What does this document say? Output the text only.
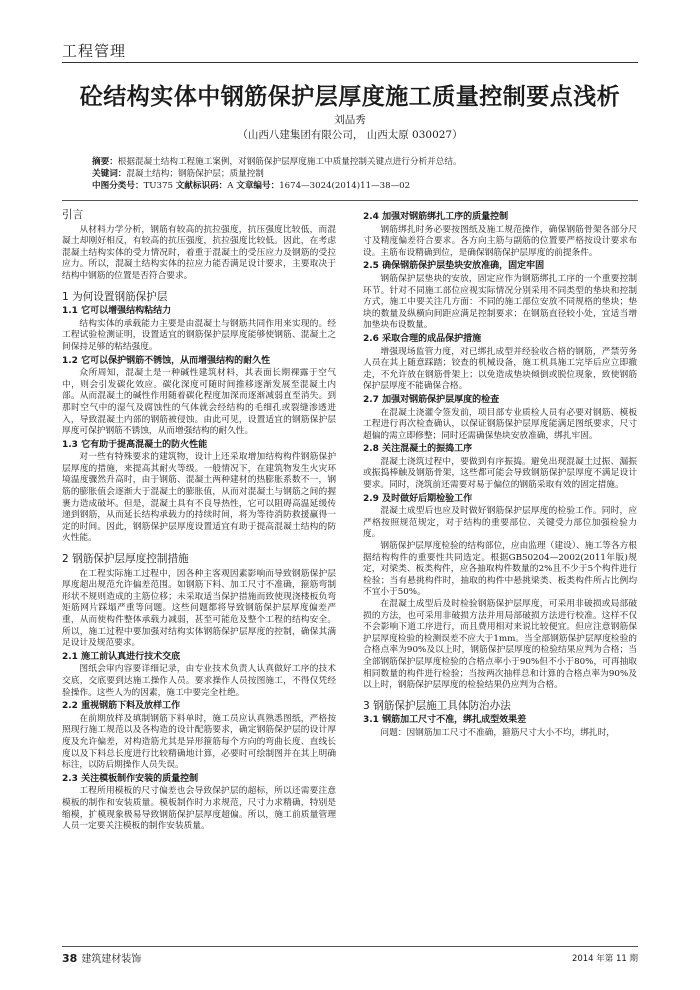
工程管理
砼结构实体中钢筋保护层厚度施工质量控制要点浅析
刘品秀
（山西八建集团有限公司， 山西太原 030027）
摘要：根据混凝土结构工程施工案例，对钢筋保护层厚度施工中质量控制关键点进行分析并总结。
关键词：混凝土结构；钢筋保护层；质量控制
中图分类号：TU375 文献标识码：A 文章编号：1674—3024(2014)11—38—02
引言

从材料力学分析，钢筋有较高的抗拉强度，抗压强度比较低，而混凝土却刚好相反，有较高的抗压强度，抗拉强度比较低。因此，在考虑混凝土结构实体的受力情况时，着重于混凝土的受压应力及钢筋的受拉应力。所以，混凝土结构实体的拉应力能否满足设计要求，主要取决于结构中钢筋的位置是否符合要求。

1 为何设置钢筋保护层
1.1 它可以增强结构粘结力

结构实体的承载能力主要是由混凝土与钢筋共同作用来实现的。经工程试验检测证明，设置适宜的钢筋保护层厚度能够使钢筋、混凝土之间保持足够的粘结强度。

1.2 它可以保护钢筋不锈蚀，从而增强结构的耐久性

众所周知，混凝土是一种碱性建筑材料，其表面长期裸露于空气中，则会引发碳化效应。碳化深度可随时间推移逐渐发展至混凝土内部。从而混凝土的碱性作用随着碳化程度加深而逐渐减弱直至消失。到那时空气中的湿气及腐蚀性的气体就会经结构的毛细孔或裂缝渗透进入，导致混凝土内部的钢筋被侵蚀。由此可见，设置适宜的钢筋保护层厚度可保护钢筋不锈蚀，从而增强结构的耐久性。

1.3 它有助于提高混凝土的防火性能

对一些有特殊要求的建筑物，设计上还采取增加结构构件钢筋保护层厚度的措施，来提高其耐火等级。一般情况下，在建筑物发生火灾环境温度骤然升高时，由于钢筋、混凝土两种建材的热膨胀系数不一，钢筋的膨胀值会逐渐大于混凝土的膨胀值，从而对混凝土与钢筋之间的握裹力造成破坏。但是，混凝土具有不良导热性，它可以阻碍高温延缓传递到钢筋，从而延长结构承载力的持续时间，将为等待消防救援赢得一定的时间。因此，钢筋保护层厚度设置适宜有助于提高混凝土结构的防火性能。

2 钢筋保护层厚度控制措施

在工程实际施工过程中，因各种主客观因素影响而导致钢筋保护层厚度超出规范允许偏差范围。如钢筋下料、加工尺寸不准确，箍筋弯制形状不规则造成的主筋位移；未采取适当保护措施而致使现浇楼板负弯矩筋网片踩塌严重等问题。这些问题都将导致钢筋保护层厚度偏差严重，从而使构件整体承载力减弱，甚至可能危及整个工程的结构安全。所以，施工过程中要加强对结构实体钢筋保护层厚度的控制，确保其满足设计及规范要求。

2.1 施工前认真进行技术交底

图纸会审内容要详细记录，由专业技术负责人认真做好工序的技术交底，交底要到达施工操作人员。要求操作人员按图施工，不得仅凭经验操作。这些人为的因素，施工中要完全杜绝。

2.2 重视钢筋下料及放样工作

在前期放样及填制钢筋下料单时，施工员应认真熟悉图纸，严格按照现行施工规范以及各构造的设计配筋要求，确定钢筋保护层的设计厚度及允许偏差，对构造筋尤其是异形箍筋每个方向的弯曲长度、直线长度以及下料总长度进行比较精确地计算，必要时可绘制图并在其上明确标注，以防后期操作人员失误。

2.3 关注模板制作安装的质量控制

工程所用模板的尺寸偏差也会导致保护层的超标，所以还需要注意模板的制作和安装质量。模板制作时力求规范，尺寸力求精确，特别是缩模，扩模现象极易导致钢筋保护层厚度超偏。所以，施工前质量管理人员一定要关注模板的制作安装质量。

2.4 加强对钢筋绑扎工序的质量控制

钢筋绑扎时务必要按图纸及施工规范操作，确保钢筋骨架各部分尺寸及精度偏差符合要求。各方向主筋与副筋的位置要严格按设计要求布设。主筋布设精确到位，是确保钢筋保护层厚度的前提条件。

2.5 确保钢筋保护层垫块安放准确，固定牢固

钢筋保护层垫块的安放，固定应作为钢筋绑扎工序的一个重要控制环节。针对不同施工部位应视实际情况分别采用不同类型的垫块和控制方式，施工中要关注几方面：不同的施工部位安放不同规格的垫块；垫块的数量及纵横向间距应满足控制要求；在钢筋直径较小处，宜适当增加垫块布设数量。

2.6 采取合理的成品保护措施

增强现场监管力度，对已绑扎成型并经验收合格的钢筋，严禁劳务人员在其上随意踩踏；铰查的机械设备，施工机具施工完毕后应立即撤走，不允许放在钢筋骨架上；以免造成垫块倾倒或脱位现象，致使钢筋保护层厚度不能确保合格。

2.7 加强对钢筋保护层厚度的检查

在混凝土浇灌令签发前，项目部专业质检人员有必要对钢筋、模板工程进行再次检查确认，以保证钢筋保护层厚度能满足图纸要求，尺寸超偏的需立即修整；同时还需确保垫块安放准确，绑扎牢固。

2.8 关注混凝土的振捣工序

混凝土浇筑过程中，要做到有序振捣。避免出现混凝土过振、漏振或振捣棒触及钢筋骨架，这些都可能会导致钢筋保护层厚度不满足设计要求。同时，浇筑前还需要对易于偏位的钢筋采取有效的固定措施。

2.9 及时做好后期检验工作

混凝土成型后也应及时做好钢筋保护层厚度的检验工作。同时，应严格按照规范规定，对于结构的重要部位、关键受力部位加强检验力度。

钢筋保护层厚度检验的结构部位，应由监理（建设）、施工等各方根据结构构件的重要性共同选定。根据GB50204—2002(2011年版)规定，对梁类、板类构件，应各抽取构件数量的2%且不少于5个构件进行检验；当有悬挑构件时，抽取的构件中悬挑梁类、板类构件所占比例均不宜小于50%。

在混凝土成型后及时检验钢筋保护层厚度，可采用非破损或局部破损的方法，也可采用非破损方法并用局部破损方法进行校准。这样不仅不会影响下道工序进行，而且费用相对来说比较便宜。但应注意钢筋保护层厚度检验的检测误差不应大于1mm。当全部钢筋保护层厚度检验的合格点率为90%及以上时，钢筋保护层厚度的检验结果应判为合格；当全部钢筋保护层厚度检验的合格点率小于90%但不小于80%，可再抽取相同数量的构件进行检验；当按两次抽样总和计算的合格点率为90%及以上时，钢筋保护层厚度的检验结果仍应判为合格。

3 钢筋保护层施工具体防治办法
3.1 钢筋加工尺寸不准，绑扎成型效果差

问题：因钢筋加工尺寸不准确，箍筋尺寸大小不均，绑扎时，

38 建筑建材装饰	2014 年第 11 期
